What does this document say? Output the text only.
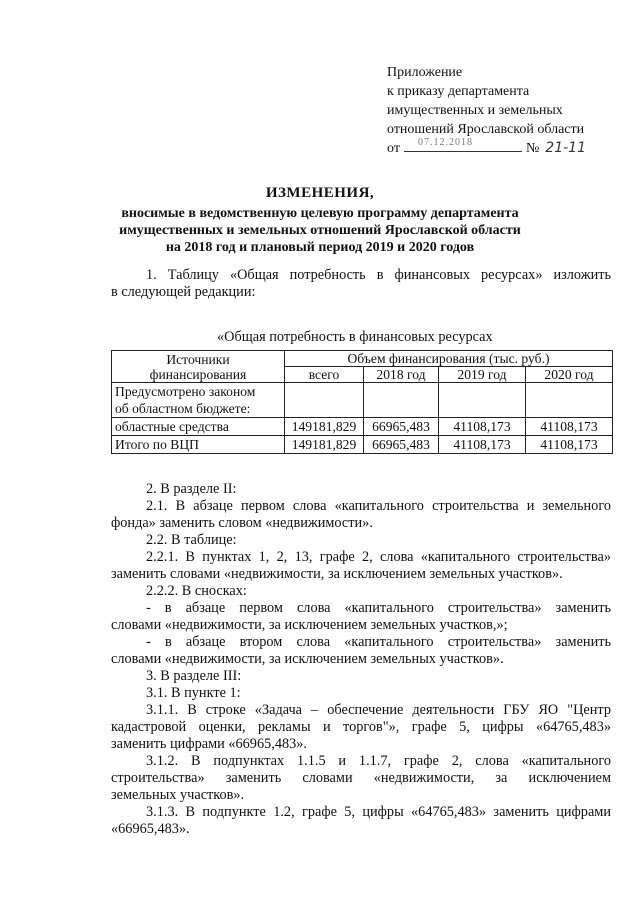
Приложение
к приказу департамента
имущественных и земельных
отношений Ярославской области
от 07.12.2018	№ 21-11
ИЗМЕНЕНИЯ,
вносимые в ведомственную целевую программу департамента
имущественных и земельных отношений Ярославской области
на 2018 год и плановый период 2019 и 2020 годов
1. Таблицу «Общая потребность в финансовых ресурсах» изложить
в следующей редакции:
«Общая потребность в финансовых ресурсах
Источники
финансирования	Объем финансирования (тыс. руб.)			
	всего	2018 год	2019 год	2020 год

Предусмотрено законом
об областном бюджете:				

областные средства	149181,829	66965,483	41108,173	41108,173
Итого по ВЦП	149181,829	66965,483	41108,173	41108,173
2. В разделе II:
2.1. В абзаце первом слова «капитального строительства и земельного
фонда» заменить словом «недвижимости».
2.2. В таблице:
2.2.1. В пунктах 1, 2, 13, графе 2, слова «капитального строительства»
заменить словами «недвижимости, за исключением земельных участков».
2.2.2. В сносках:
- в абзаце первом слова «капитального строительства» заменить
словами «недвижимости, за исключением земельных участков,»;
- в абзаце втором слова «капитального строительства» заменить
словами «недвижимости, за исключением земельных участков».
3. В разделе III:
3.1. В пункте 1:
3.1.1. В строке «Задача – обеспечение деятельности ГБУ ЯО "Центр
кадастровой оценки, рекламы и торгов"», графе 5, цифры «64765,483»
заменить цифрами «66965,483».
3.1.2. В подпунктах 1.1.5 и 1.1.7, графе 2, слова «капитального
строительства» заменить словами «недвижимости, за исключением
земельных участков».
3.1.3. В подпункте 1.2, графе 5, цифры «64765,483» заменить цифрами
«66965,483».
